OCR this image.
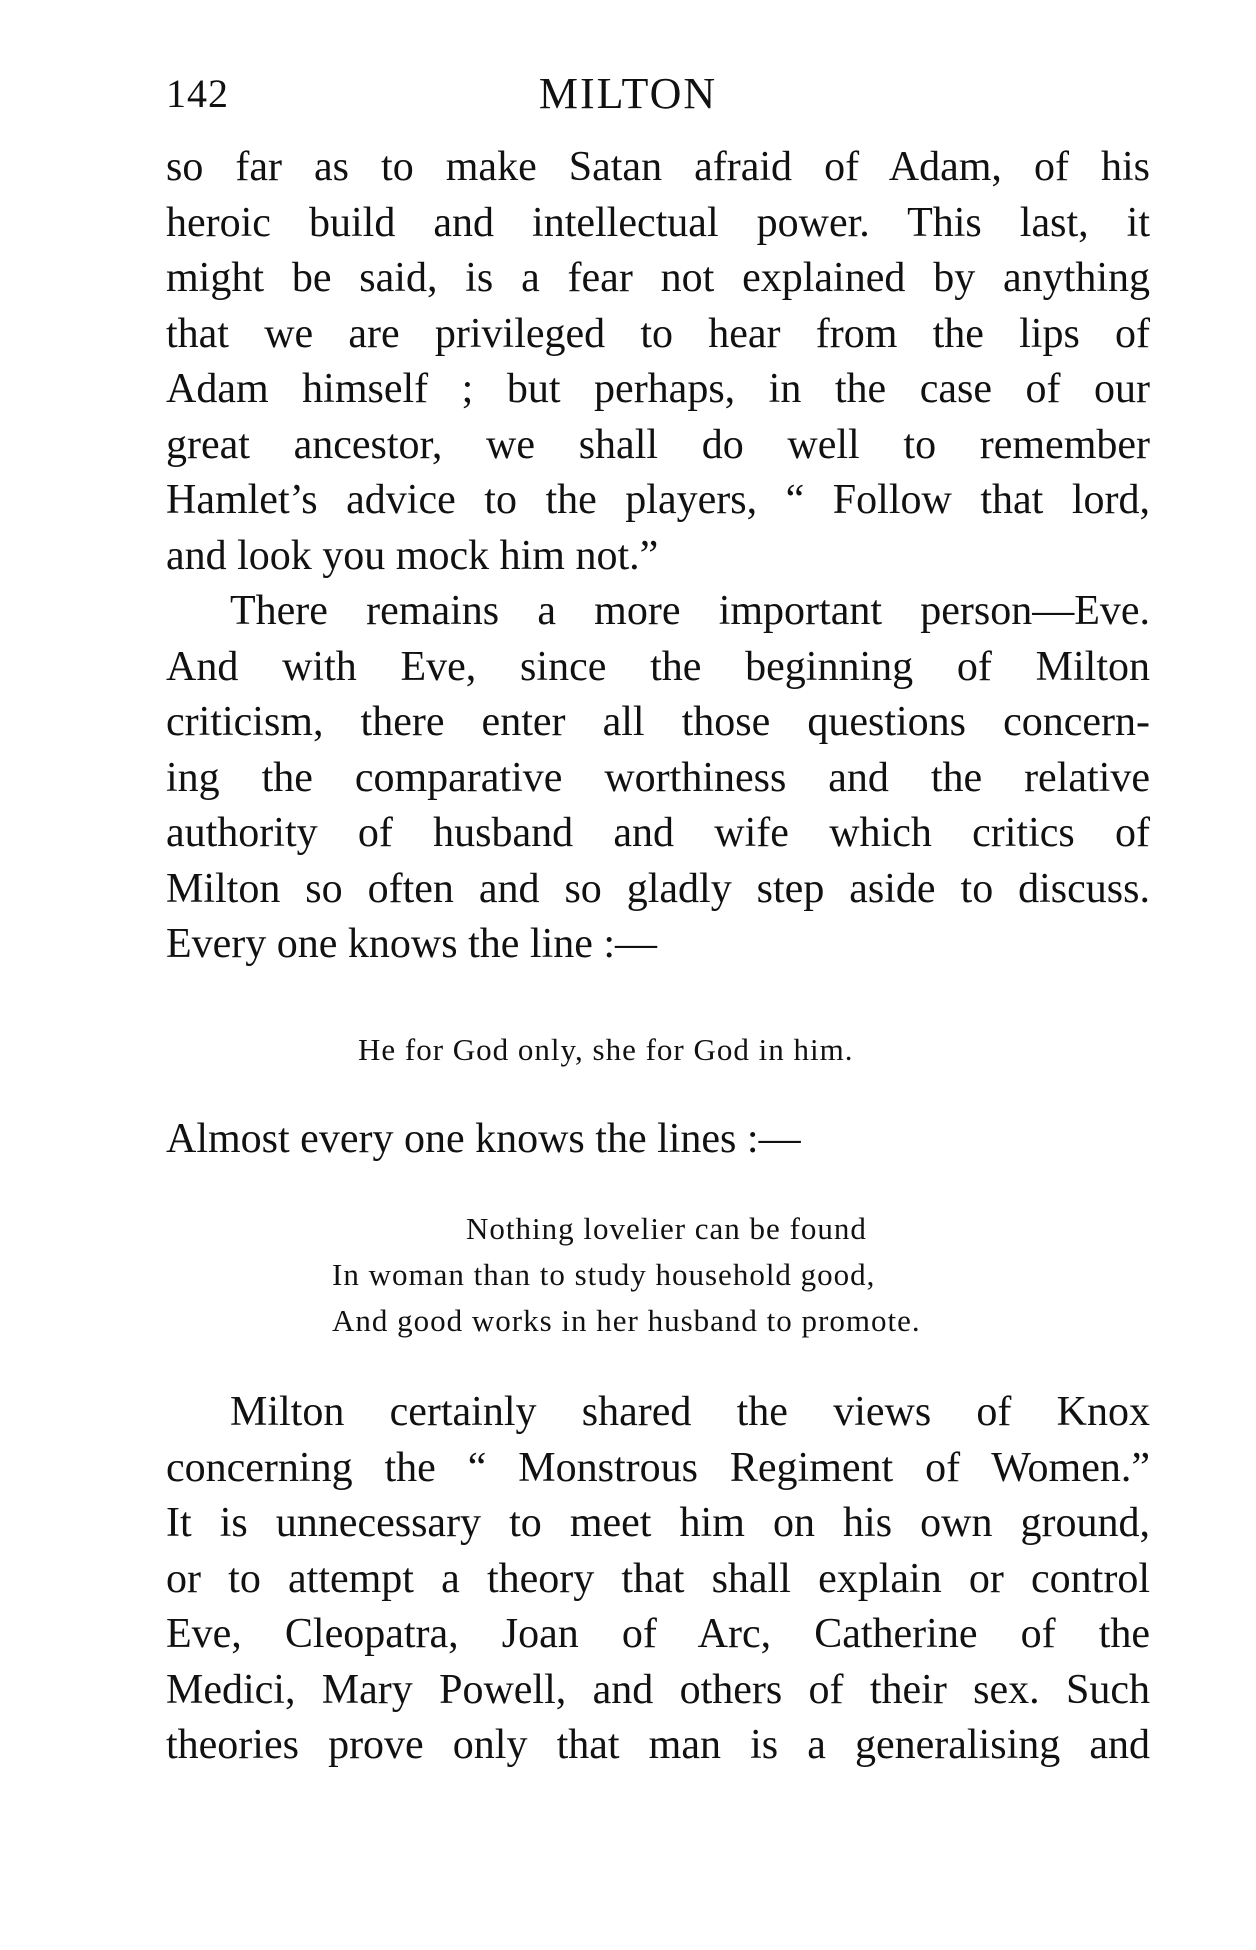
142	MILTON
so far as to make Satan afraid of Adam, of his
heroic build and intellectual power. This last, it
might be said, is a fear not explained by anything
that we are privileged to hear from the lips of
Adam himself ; but perhaps, in the case of our
great ancestor, we shall do well to remember
Hamlet’s advice to the players, “ Follow that lord,
and look you mock him not.”
There remains a more important person—Eve.
And with Eve, since the beginning of Milton
criticism, there enter all those questions concern-
ing the comparative worthiness and the relative
authority of husband and wife which critics of
Milton so often and so gladly step aside to discuss.
Every one knows the line :—
He for God only, she for God in him.
Almost every one knows the lines :—
Nothing lovelier can be found
In woman than to study household good,
And good works in her husband to promote.
Milton certainly shared the views of Knox
concerning the “ Monstrous Regiment of Women.”
It is unnecessary to meet him on his own ground,
or to attempt a theory that shall explain or control
Eve, Cleopatra, Joan of Arc, Catherine of the
Medici, Mary Powell, and others of their sex. Such
theories prove only that man is a generalising and
